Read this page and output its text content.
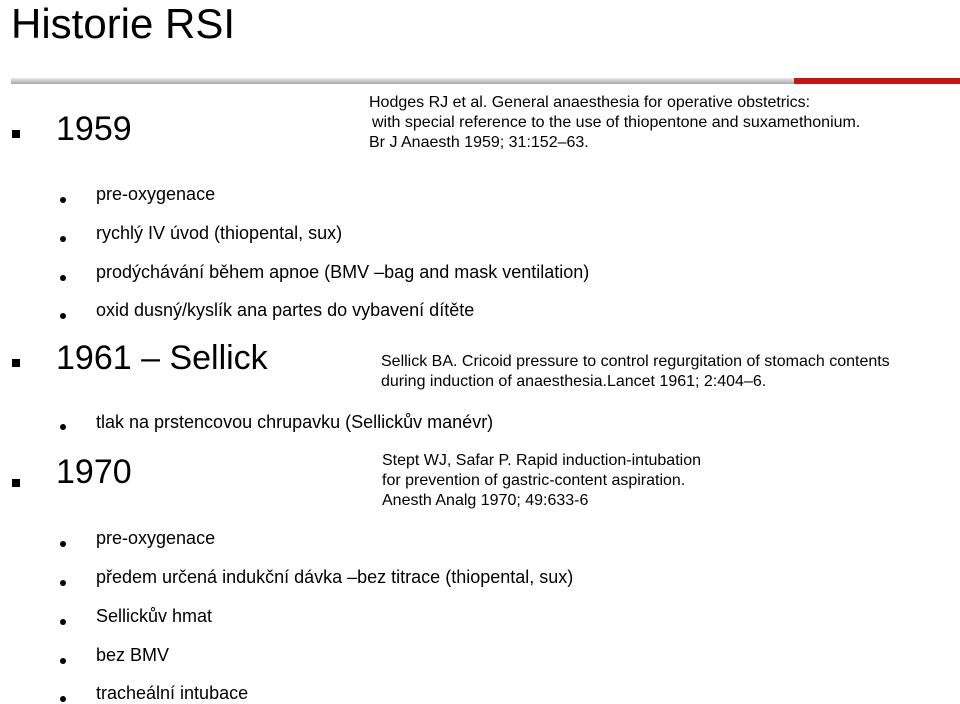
Historie RSI
1959
Hodges RJ et al. General anaesthesia for operative obstetrics:
with special reference to the use of thiopentone and suxamethonium.
Br J Anaesth 1959; 31:152–63.
pre-oxygenace
rychlý IV úvod (thiopental, sux)
prodýchávání během apnoe (BMV –bag and mask ventilation)
oxid dusný/kyslík ana partes do vybavení dítěte
1961 – Sellick	Sellick BA. Cricoid pressure to control regurgitation of stomach contents
during induction of anaesthesia.Lancet 1961; 2:404–6.
tlak na prstencovou chrupavku (Sellickův manévr)
1970	Stept WJ, Safar P. Rapid induction-intubation
for prevention of gastric-content aspiration.
Anesth Analg 1970; 49:633-6
pre-oxygenace
předem určená indukční dávka –bez titrace (thiopental, sux)
Sellickův hmat
bez BMV
tracheální intubace
